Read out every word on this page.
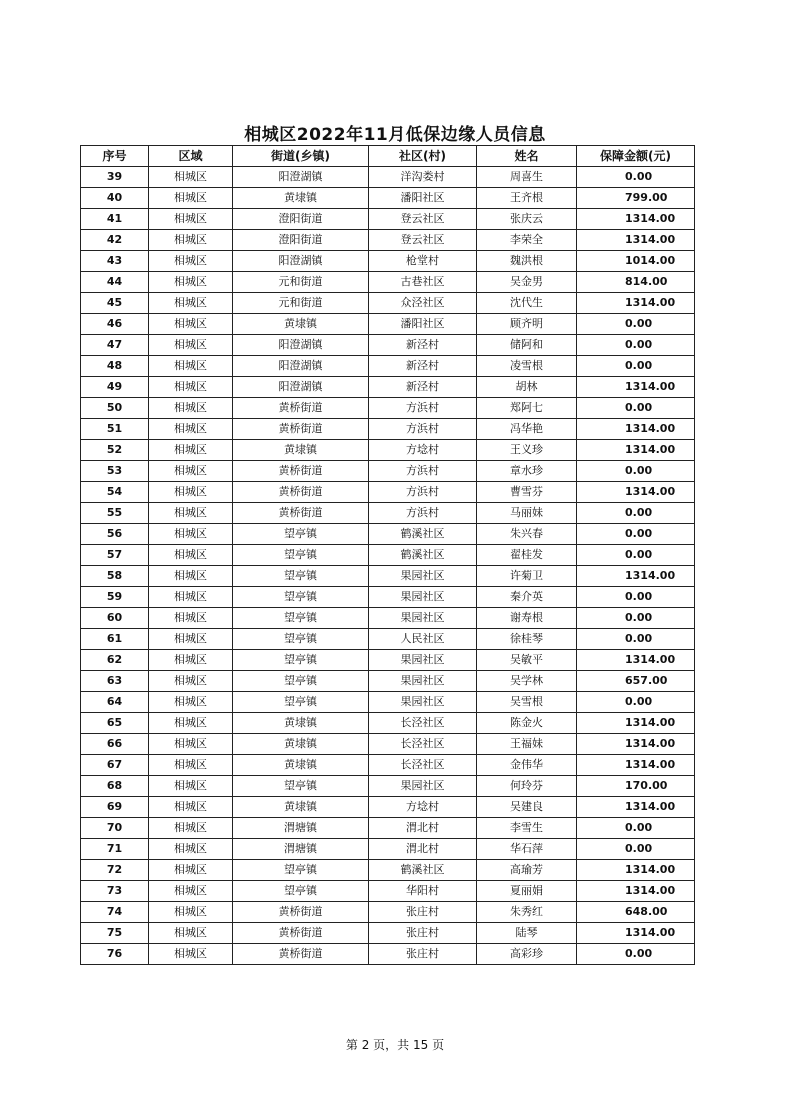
相城区2022年11月低保边缘人员信息
序号	区域	街道(乡镇)	社区(村)	姓名	保障金额(元)
39	相城区	阳澄湖镇	洋沟娄村	周喜生	0.00
40	相城区	黄埭镇	潘阳社区	王齐根	799.00
41	相城区	澄阳街道	登云社区	张庆云	1314.00
42	相城区	澄阳街道	登云社区	李荣全	1314.00
43	相城区	阳澄湖镇	枪堂村	魏洪根	1014.00
44	相城区	元和街道	古巷社区	吴金男	814.00
45	相城区	元和街道	众泾社区	沈代生	1314.00
46	相城区	黄埭镇	潘阳社区	顾齐明	0.00
47	相城区	阳澄湖镇	新泾村	储阿和	0.00
48	相城区	阳澄湖镇	新泾村	凌雪根	0.00
49	相城区	阳澄湖镇	新泾村	胡林	1314.00
50	相城区	黄桥街道	方浜村	郑阿七	0.00
51	相城区	黄桥街道	方浜村	冯华艳	1314.00
52	相城区	黄埭镇	方埝村	王义珍	1314.00
53	相城区	黄桥街道	方浜村	章水珍	0.00
54	相城区	黄桥街道	方浜村	曹雪芬	1314.00
55	相城区	黄桥街道	方浜村	马丽妹	0.00
56	相城区	望亭镇	鹤溪社区	朱兴春	0.00
57	相城区	望亭镇	鹤溪社区	翟桂发	0.00
58	相城区	望亭镇	果园社区	许菊卫	1314.00
59	相城区	望亭镇	果园社区	秦介英	0.00
60	相城区	望亭镇	果园社区	谢寿根	0.00
61	相城区	望亭镇	人民社区	徐桂琴	0.00
62	相城区	望亭镇	果园社区	吴敏平	1314.00
63	相城区	望亭镇	果园社区	吴学林	657.00
64	相城区	望亭镇	果园社区	吴雪根	0.00
65	相城区	黄埭镇	长泾社区	陈金火	1314.00
66	相城区	黄埭镇	长泾社区	王福妹	1314.00
67	相城区	黄埭镇	长泾社区	金伟华	1314.00
68	相城区	望亭镇	果园社区	何玲芬	170.00
69	相城区	黄埭镇	方埝村	吴建良	1314.00
70	相城区	渭塘镇	渭北村	李雪生	0.00
71	相城区	渭塘镇	渭北村	华石萍	0.00
72	相城区	望亭镇	鹤溪社区	高瑜芳	1314.00
73	相城区	望亭镇	华阳村	夏丽娟	1314.00
74	相城区	黄桥街道	张庄村	朱秀红	648.00
75	相城区	黄桥街道	张庄村	陆琴	1314.00
76	相城区	黄桥街道	张庄村	高彩珍	0.00
第 2 页，共 15 页
